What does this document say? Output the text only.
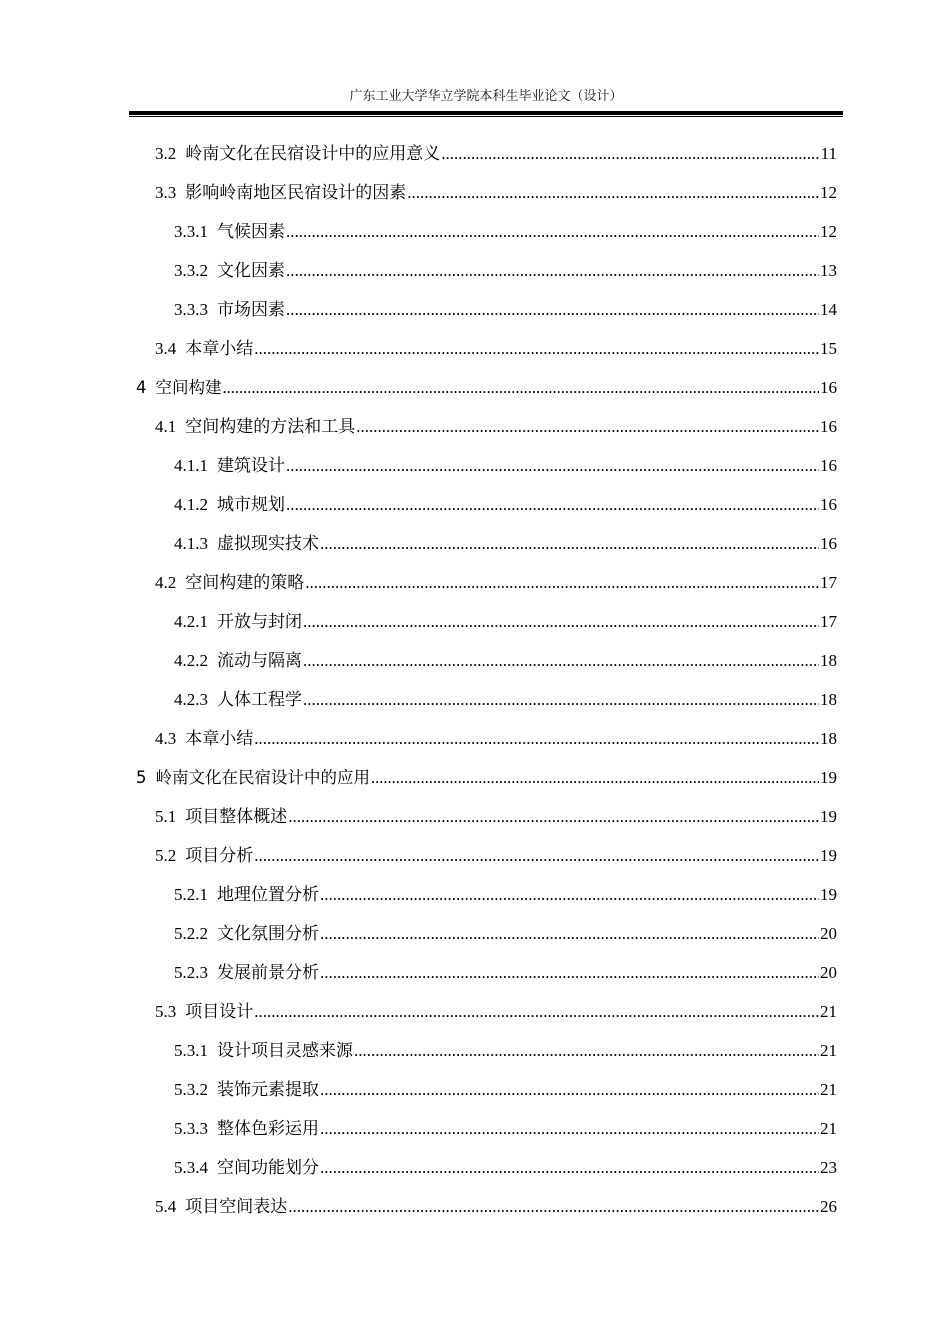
广东工业大学华立学院本科生毕业论文（设计）
3.2 岭南文化在民宿设计中的应用意义 .....	11
3.3 影响岭南地区民宿设计的因素 .....	12
3.3.1 气候因素 .....	12
3.3.2 文化因素 .....	13
3.3.3 市场因素 .....	14
3.4 本章小结 .....	15
4 空间构建 .....	16
4.1 空间构建的方法和工具 .....	16
4.1.1 建筑设计 .....	16
4.1.2 城市规划 .....	16
4.1.3 虚拟现实技术 .....	16
4.2 空间构建的策略 .....	17
4.2.1 开放与封闭 .....	17
4.2.2 流动与隔离 .....	18
4.2.3 人体工程学 .....	18
4.3 本章小结 .....	18
5 岭南文化在民宿设计中的应用 .....	19
5.1 项目整体概述 .....	19
5.2 项目分析 .....	19
5.2.1 地理位置分析 .....	19
5.2.2 文化氛围分析 .....	20
5.2.3 发展前景分析 .....	20
5.3 项目设计 .....	21
5.3.1 设计项目灵感来源 .....	21
5.3.2 装饰元素提取 .....	21
5.3.3 整体色彩运用 .....	21
5.3.4 空间功能划分 .....	23
5.4 项目空间表达 .....	26
